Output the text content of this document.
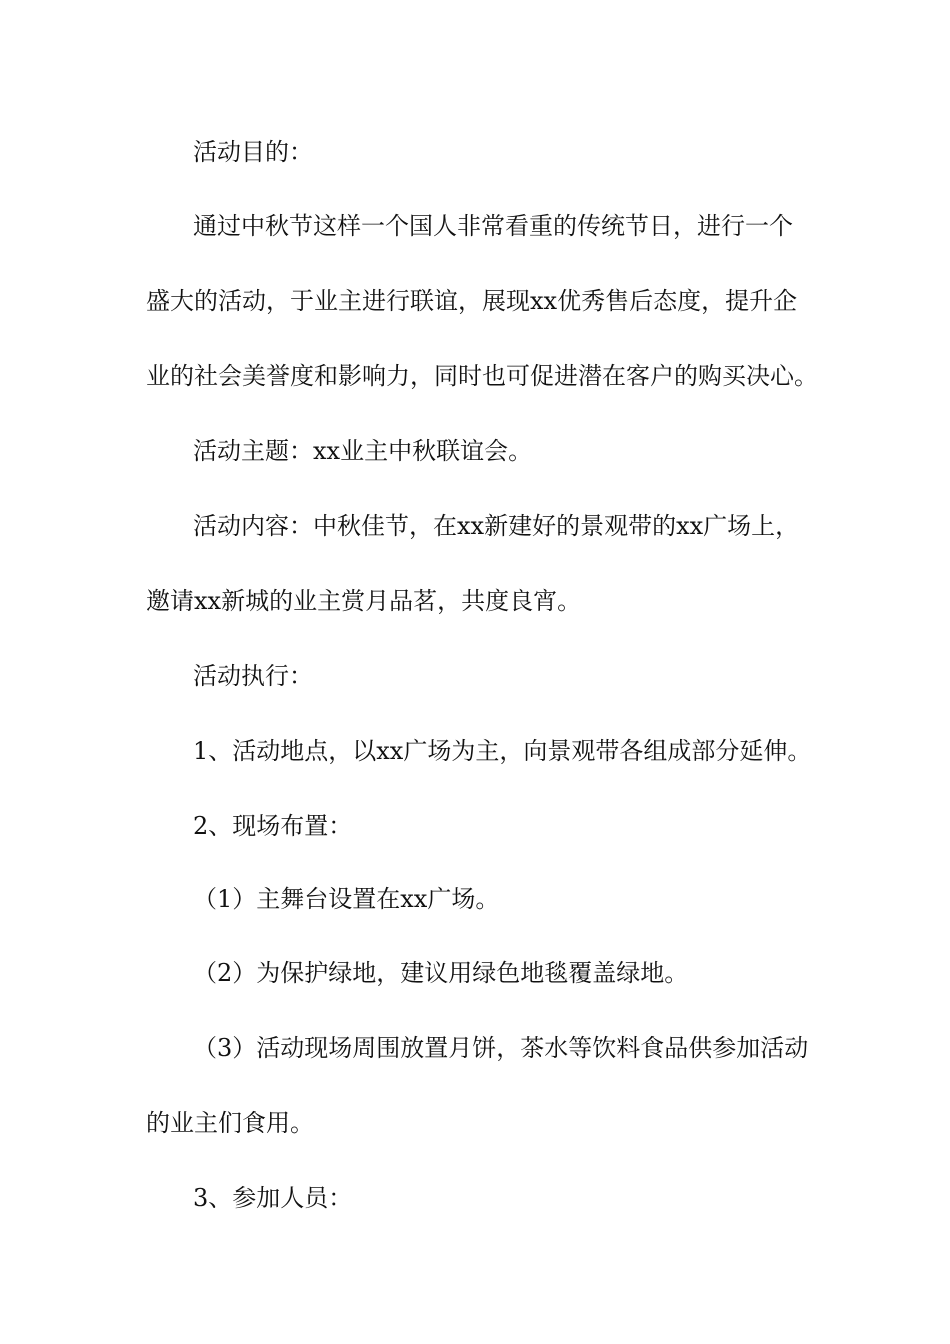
活动目的：

通过中秋节这样一个国人非常看重的传统节日，进行一个

盛大的活动，于业主进行联谊，展现xx优秀售后态度，提升企

业的社会美誉度和影响力，同时也可促进潜在客户的购买决心。

活动主题：xx业主中秋联谊会。

活动内容：中秋佳节，在xx新建好的景观带的xx广场上，

邀请xx新城的业主赏月品茗，共度良宵。

活动执行：

1、活动地点，以xx广场为主，向景观带各组成部分延伸。

2、现场布置：

（1）主舞台设置在xx广场。

（2）为保护绿地，建议用绿色地毯覆盖绿地。

（3）活动现场周围放置月饼，茶水等饮料食品供参加活动

的业主们食用。

3、参加人员：
